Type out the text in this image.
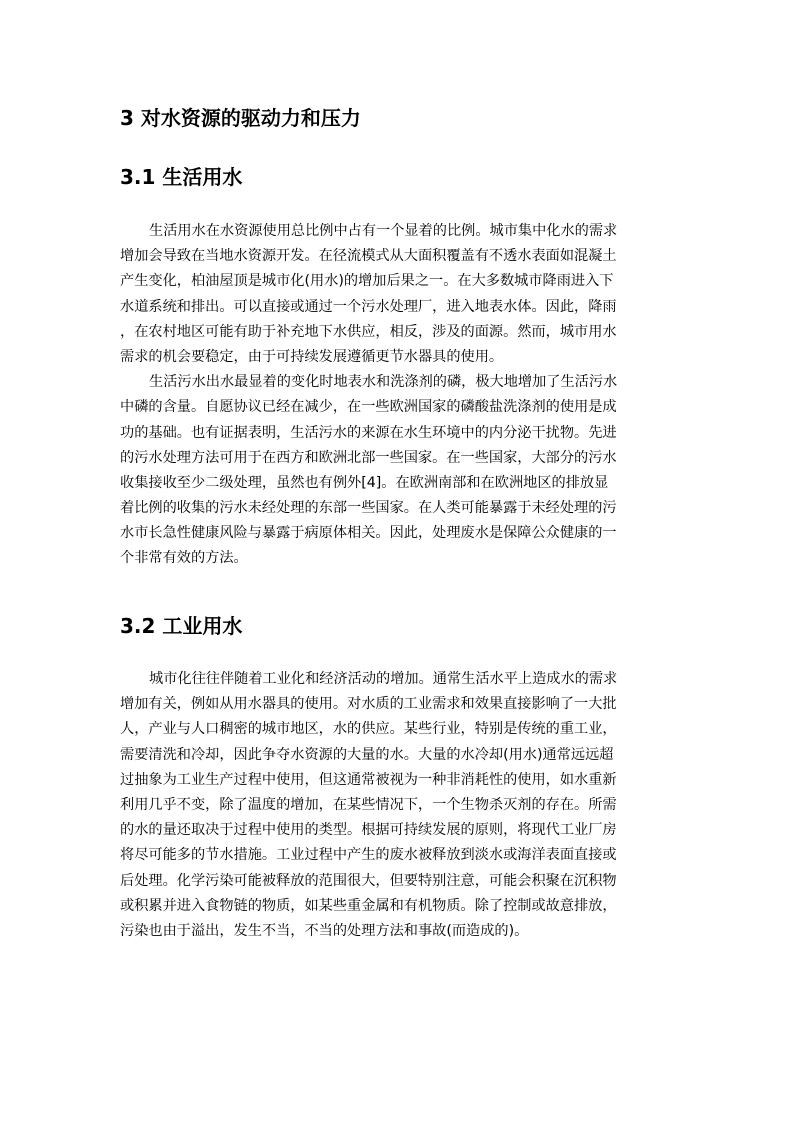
3 对水资源的驱动力和压力
3.1 生活用水
生活用水在水资源使用总比例中占有一个显着的比例。城市集中化水的需求
增加会导致在当地水资源开发。在径流模式从大面积覆盖有不透水表面如混凝土
产生变化，柏油屋顶是城市化(用水)的增加后果之一。在大多数城市降雨进入下
水道系统和排出。可以直接或通过一个污水处理厂，进入地表水体。因此，降雨
，在农村地区可能有助于补充地下水供应，相反，涉及的面源。然而，城市用水
需求的机会要稳定，由于可持续发展遵循更节水器具的使用。
生活污水出水最显着的变化时地表水和洗涤剂的磷，极大地增加了生活污水
中磷的含量。自愿协议已经在减少，在一些欧洲国家的磷酸盐洗涤剂的使用是成
功的基础。也有证据表明，生活污水的来源在水生环境中的内分泌干扰物。先进
的污水处理方法可用于在西方和欧洲北部一些国家。在一些国家，大部分的污水
收集接收至少二级处理，虽然也有例外[4]。在欧洲南部和在欧洲地区的排放显
着比例的收集的污水未经处理的东部一些国家。在人类可能暴露于未经处理的污
水市长急性健康风险与暴露于病原体相关。因此，处理废水是保障公众健康的一
个非常有效的方法。
3.2 工业用水
城市化往往伴随着工业化和经济活动的增加。通常生活水平上造成水的需求
增加有关，例如从用水器具的使用。对水质的工业需求和效果直接影响了一大批
人，产业与人口稠密的城市地区，水的供应。某些行业，特别是传统的重工业，
需要清洗和冷却，因此争夺水资源的大量的水。大量的水冷却(用水)通常远远超
过抽象为工业生产过程中使用，但这通常被视为一种非消耗性的使用，如水重新
利用几乎不变，除了温度的增加，在某些情况下，一个生物杀灭剂的存在。所需
的水的量还取决于过程中使用的类型。根据可持续发展的原则，将现代工业厂房
将尽可能多的节水措施。工业过程中产生的废水被释放到淡水或海洋表面直接或
后处理。化学污染可能被释放的范围很大，但要特别注意，可能会积聚在沉积物
或积累并进入食物链的物质，如某些重金属和有机物质。除了控制或故意排放，
污染也由于溢出，发生不当，不当的处理方法和事故(而造成的)。
